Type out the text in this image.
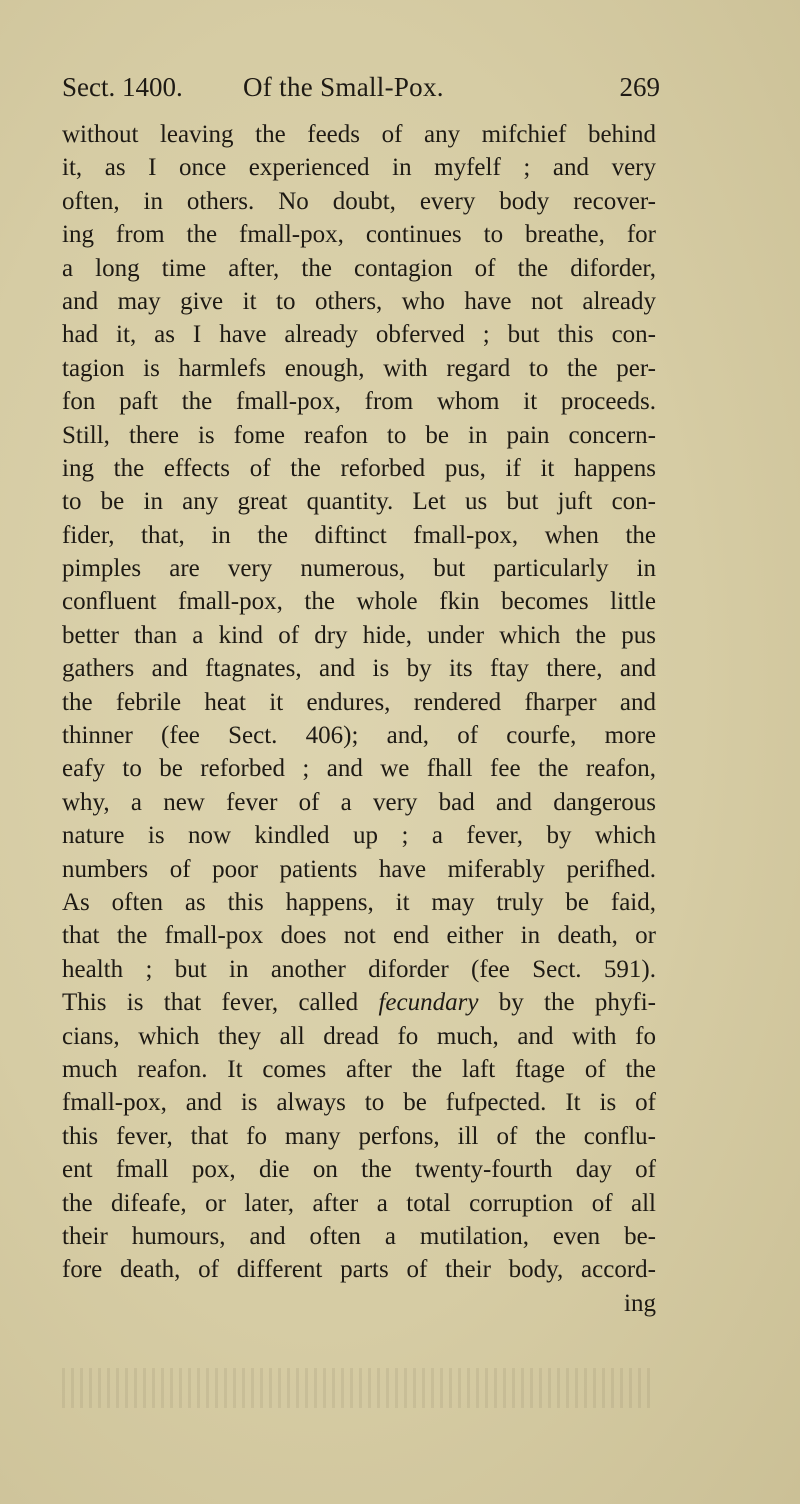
Sect. 1400. Of the Small-Pox.	269
without leaving the feeds of any mifchief behind
it, as I once experienced in myfelf ; and very
often, in others. No doubt, every body recover-
ing from the fmall-pox, continues to breathe, for
a long time after, the contagion of the diforder,
and may give it to others, who have not already
had it, as I have already obferved ; but this con-
tagion is harmlefs enough, with regard to the per-
fon paft the fmall-pox, from whom it proceeds.
Still, there is fome reafon to be in pain concern-
ing the effects of the reforbed pus, if it happens
to be in any great quantity. Let us but juft con-
fider, that, in the diftinct fmall-pox, when the
pimples are very numerous, but particularly in
confluent fmall-pox, the whole fkin becomes little
better than a kind of dry hide, under which the pus
gathers and ftagnates, and is by its ftay there, and
the febrile heat it endures, rendered fharper and
thinner (fee Sect. 406); and, of courfe, more
eafy to be reforbed ; and we fhall fee the reafon,
why, a new fever of a very bad and dangerous
nature is now kindled up ; a fever, by which
numbers of poor patients have miferably perifhed.
As often as this happens, it may truly be faid,
that the fmall-pox does not end either in death, or
health ; but in another diforder (fee Sect. 591).
This is that fever, called fecundary by the phyfi-
cians, which they all dread fo much, and with fo
much reafon. It comes after the laft ftage of the
fmall-pox, and is always to be fufpected. It is of
this fever, that fo many perfons, ill of the conflu-
ent fmall pox, die on the twenty-fourth day of
the difeafe, or later, after a total corruption of all
their humours, and often a mutilation, even be-
fore death, of different parts of their body, accord-
ing
